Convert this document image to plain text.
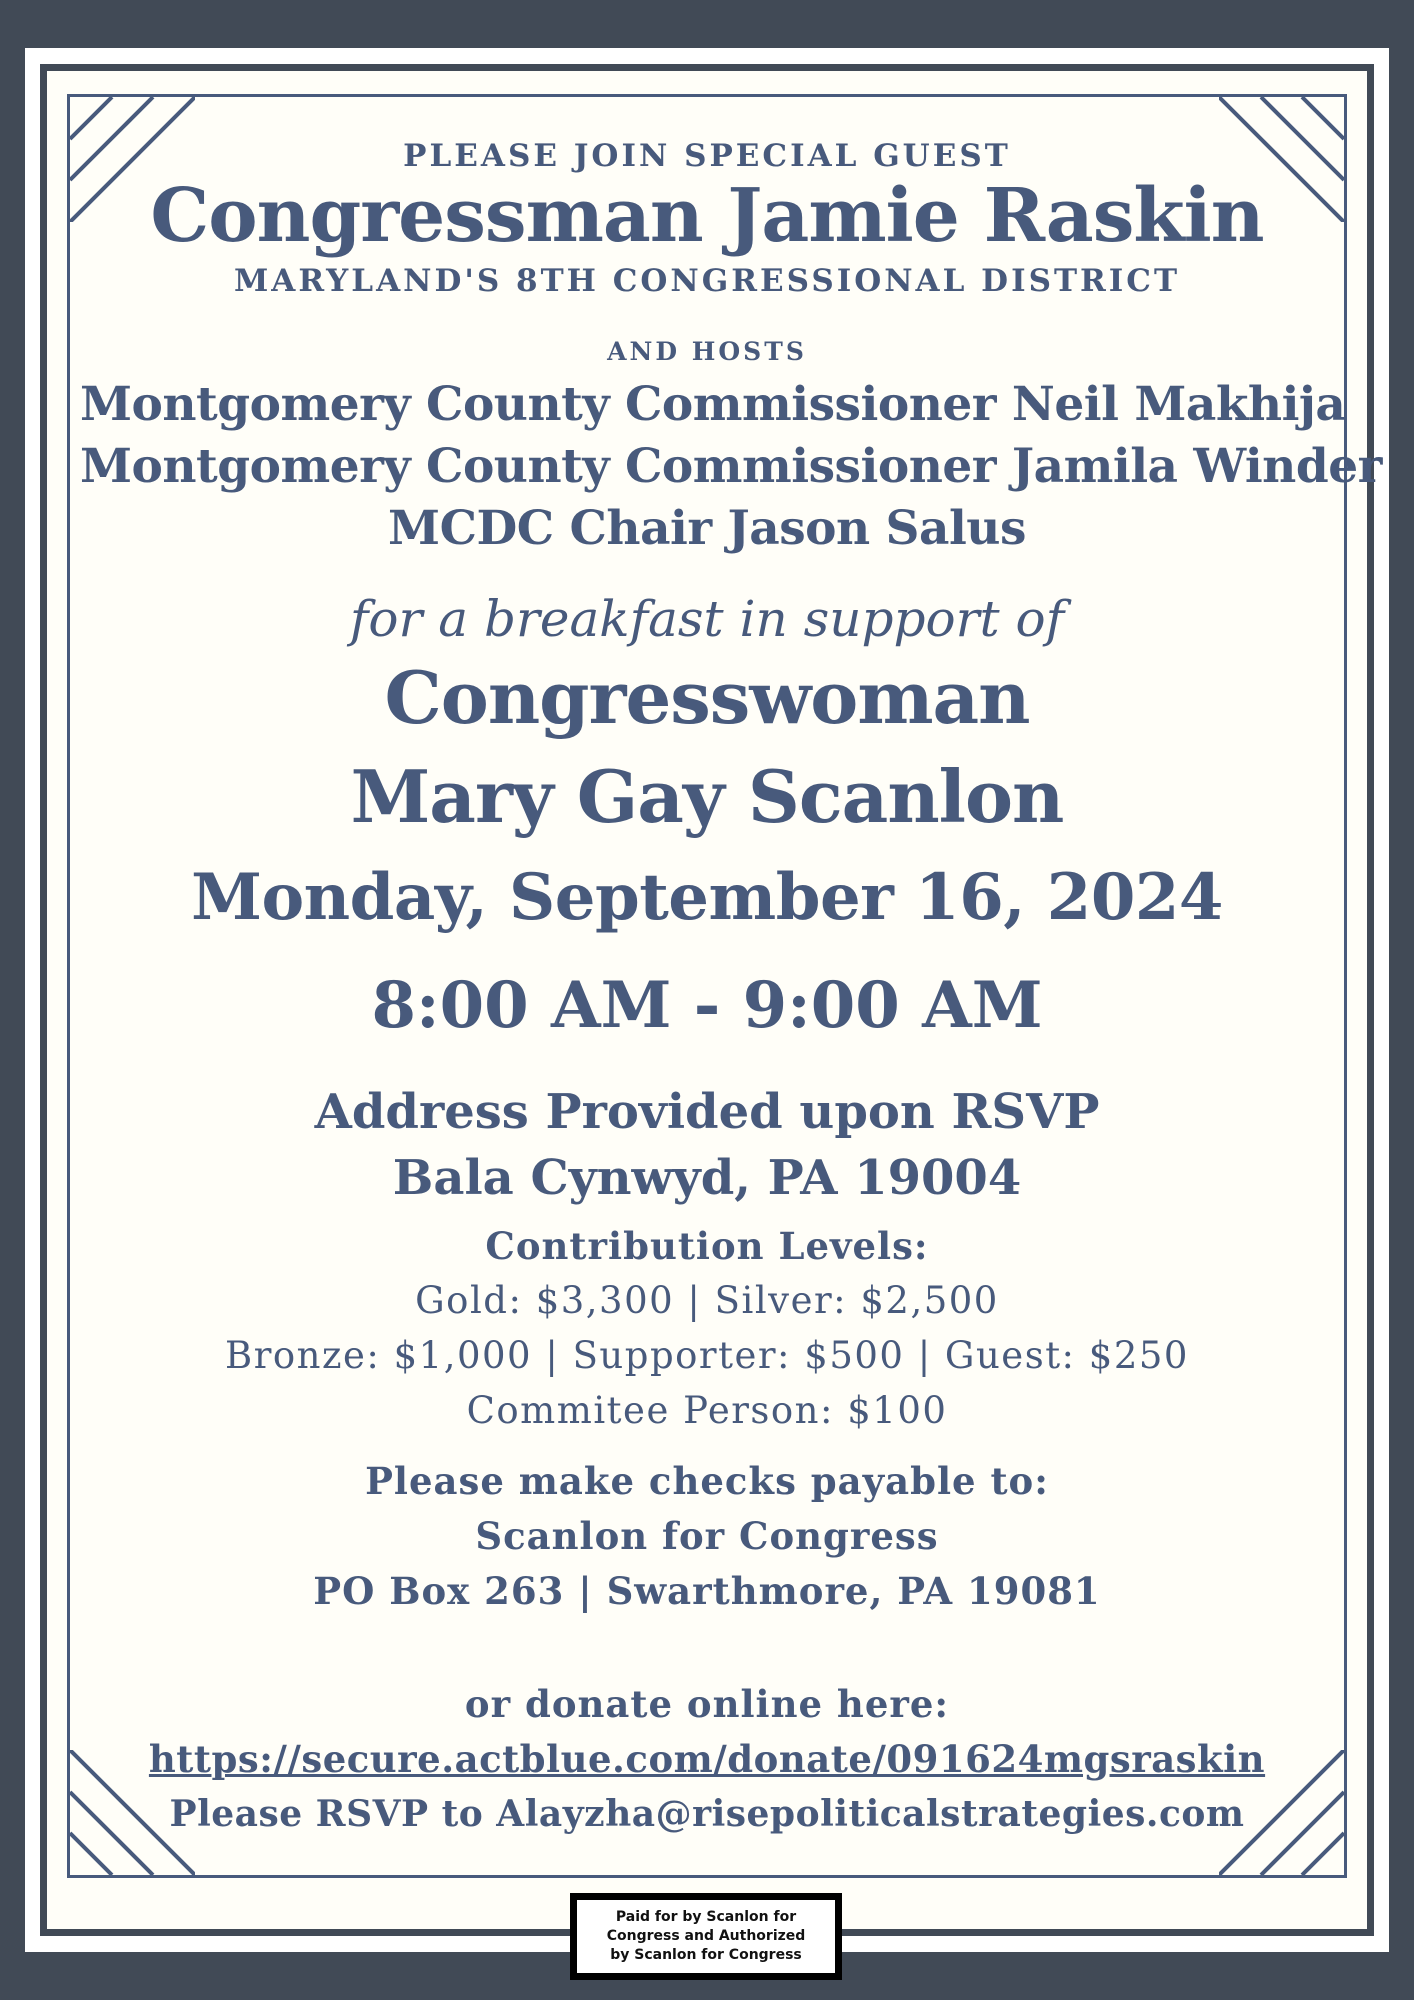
PLEASE JOIN SPECIAL GUEST
Congressman Jamie Raskin
MARYLAND'S 8TH CONGRESSIONAL DISTRICT
AND HOSTS
Montgomery County Commissioner Neil Makhija
Montgomery County Commissioner Jamila Winder
MCDC Chair Jason Salus
for a breakfast in support of
Congresswoman
Mary Gay Scanlon
Monday, September 16, 2024
8:00 AM - 9:00 AM
Address Provided upon RSVP
Bala Cynwyd, PA 19004
Contribution Levels:
Gold: $3,300 | Silver: $2,500
Bronze: $1,000 | Supporter: $500 | Guest: $250
Commitee Person: $100
Please make checks payable to:
Scanlon for Congress
PO Box 263 | Swarthmore, PA 19081
or donate online here:
https://secure.actblue.com/donate/091624mgsraskin
Please RSVP to Alayzha@risepoliticalstrategies.com
Paid for by Scanlon for Congress and Authorized by Scanlon for Congress
